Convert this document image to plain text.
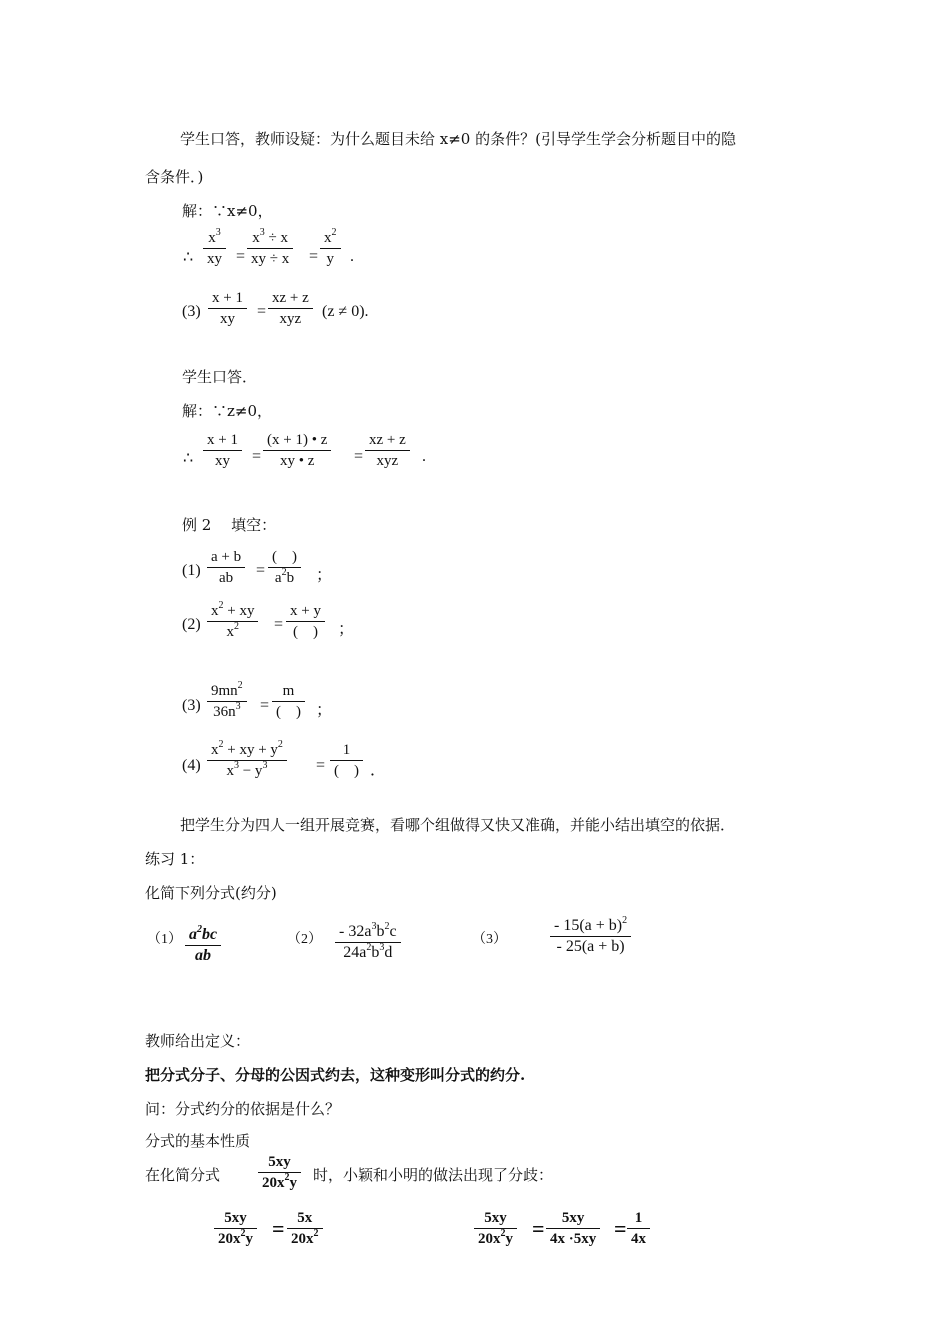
学生口答，教师设疑：为什么题目未给 x≠0 的条件？(引导学生学会分析题目中的隐
含条件．)
解：∵x≠0，
∴ $\frac{x^3}{xy} = \frac{x^3 \div x}{xy \div x} = \frac{x^2}{y}$ .
$(3) \frac{x + 1}{xy}$ =
xz + z
xyz	(z ≠ 0).
学生口答．
解：∵z≠0，
∴ $\frac{x + 1}{xy} = \frac{(x + 1) • z}{xy • z}$ =
xz + z
xyz	.
例 2　 填空：
$(1) \frac{a + b}{ab}$ =
(　)
$a^2b$	；
$(2) \frac{x^2 + xy}{x^2}$ =
x + y
(　)	；
$(3) \frac{9mn^2}{36n^3}$ =
m
(　) ；
$(4) \frac{x^2 + xy + y^2}{x^3 - y^3}$ =
1
(　) ．
把学生分为四人一组开展竞赛，看哪个组做得又快又准确，并能小结出填空的依据．
练习 1：
化简下列分式(约分)
$(1) \frac{a^2bc}{ab}$	$(2) \frac{- 32a^3b^2c}{24a^2b^3d}$	（3）	$\frac{- 15(a + b)^2}{- 25(a + b)}$
教师给出定义：
把分式分子、分母的公因式约去，这种变形叫分式的约分.
问：分式约分的依据是什么？
分式的基本性质
在化简分式	$\frac{5xy}{20x^2y}$ 时，小颖和小明的做法出现了分歧：
$\frac{5xy}{20x^2y} = \frac{5x}{20x^2}$	$\frac{5xy}{20x^2y} = \frac{5xy}{4x \cdot 5xy} = \frac{1}{4x}$
